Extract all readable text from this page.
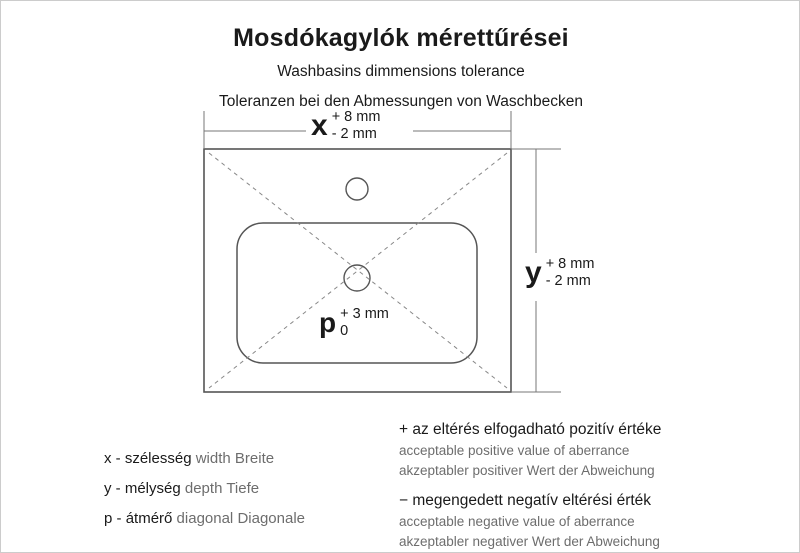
Mosdókagylók mérettűrései
Washbasins dimmensions tolerance
Toleranzen bei den Abmessungen von Waschbecken
x + 8 mm
- 2 mm
y + 8 mm
- 2 mm
p + 3 mm
0
x - szélesség width Breite
y - mélység depth Tiefe
p - átmérő diagonal Diagonale
+ az eltérés elfogadható pozitív értéke
acceptable positive value of aberrance
akzeptabler positiver Wert der Abweichung
− megengedett negatív eltérési érték
acceptable negative value of aberrance
akzeptabler negativer Wert der Abweichung
